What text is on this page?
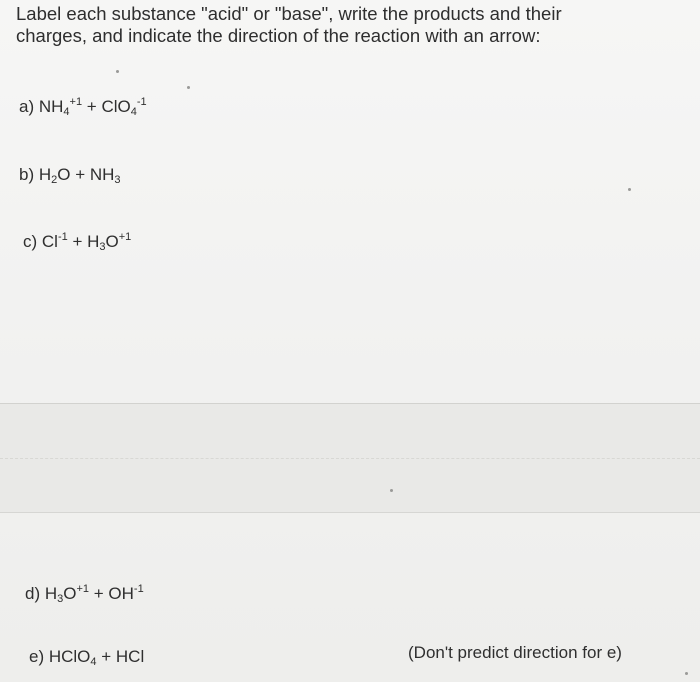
Label each substance "acid" or "base", write the products and their charges, and indicate the direction of the reaction with an arrow:
a) $NH_4^{+1} + ClO_4^{-1}$
b) $H_2O + NH_3$
c) $Cl^{-1} + H_3O^{+1}$
d) $H_3O^{+1} + OH^{-1}$
e) HClO$_4$ + HCl	(Don't predict direction for e)
